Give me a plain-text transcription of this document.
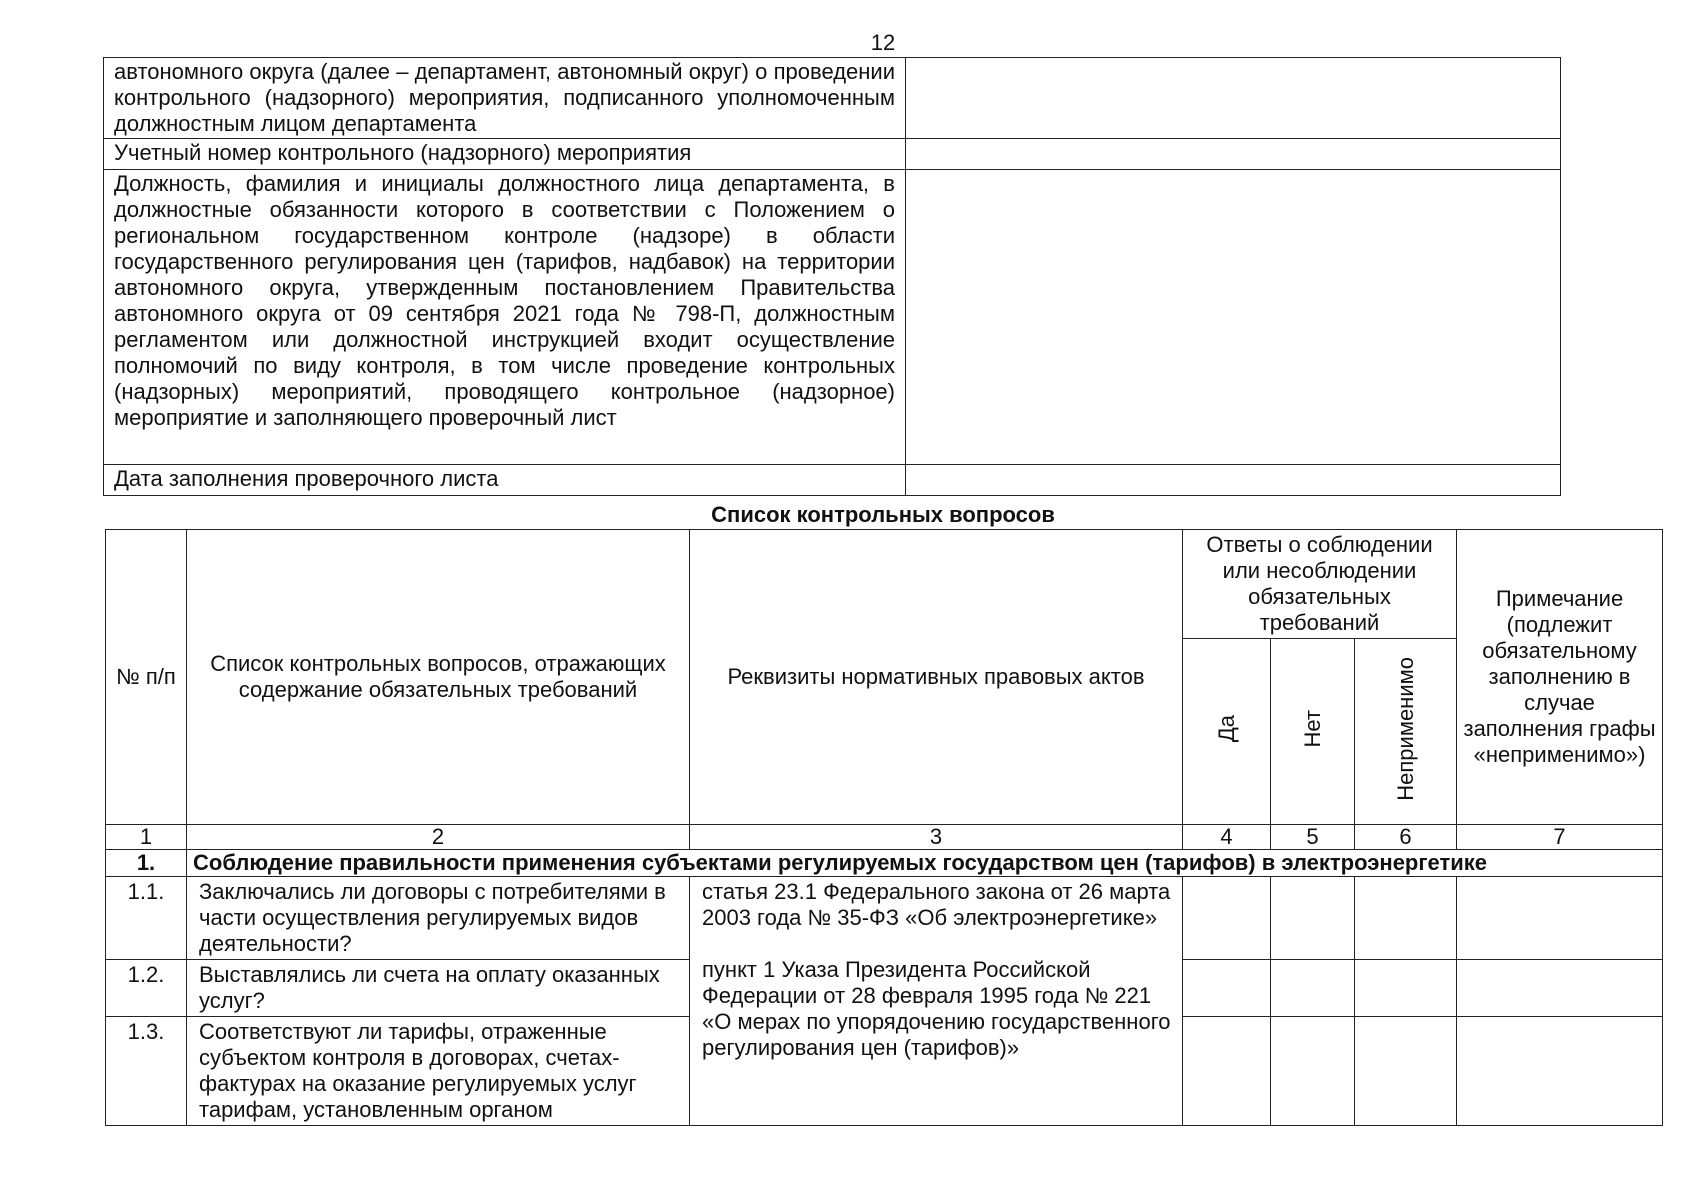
12
автономного округа (далее – департамент, автономный округ) о проведении контрольного (надзорного) мероприятия, подписанного уполномоченным должностным лицом департамента	
Учетный номер контрольного (надзорного) мероприятия	
Должность, фамилия и инициалы должностного лица департамента, в должностные обязанности которого в соответствии с Положением о региональном государственном контроле (надзоре) в области государственного регулирования цен (тарифов, надбавок) на территории автономного округа, утвержденным постановлением Правительства автономного округа от 09 сентября 2021 года № 798-П, должностным регламентом или должностной инструкцией входит осуществление полномочий по виду контроля, в том числе проведение контрольных (надзорных) мероприятий, проводящего контрольное (надзорное) мероприятие и заполняющего проверочный лист	
Дата заполнения проверочного листа	
Список контрольных вопросов
№ п/п	Список контрольных вопросов, отражающих содержание обязательных требований	Реквизиты нормативных правовых актов	Ответы о соблюдении или несоблюдении обязательных требований			Примечание (подлежит обязательному заполнению в случае заполнения графы «неприменимо»)
			Да	Нет	Неприменимо	
1	2	3	4	5	6	7
1.	Соблюдение правильности применения субъектами регулируемых государством цен (тарифов) в электроэнергетике					
1.1.	Заключались ли договоры с потребителями в части осуществления регулируемых видов деятельности?	статья 23.1 Федерального закона от 26 марта 2003 года № 35-ФЗ «Об электроэнергетике»

пункт 1 Указа Президента Российской Федерации от 28 февраля 1995 года № 221 «О мерах по упорядочению государственного регулирования цен (тарифов)»				

1.2.	Выставлялись ли счета на оплату оказанных услуг?					
1.3.	Соответствуют ли тарифы, отраженные субъектом контроля в договорах, счетах-фактурах на оказание регулируемых услуг тарифам, установленным органом					
